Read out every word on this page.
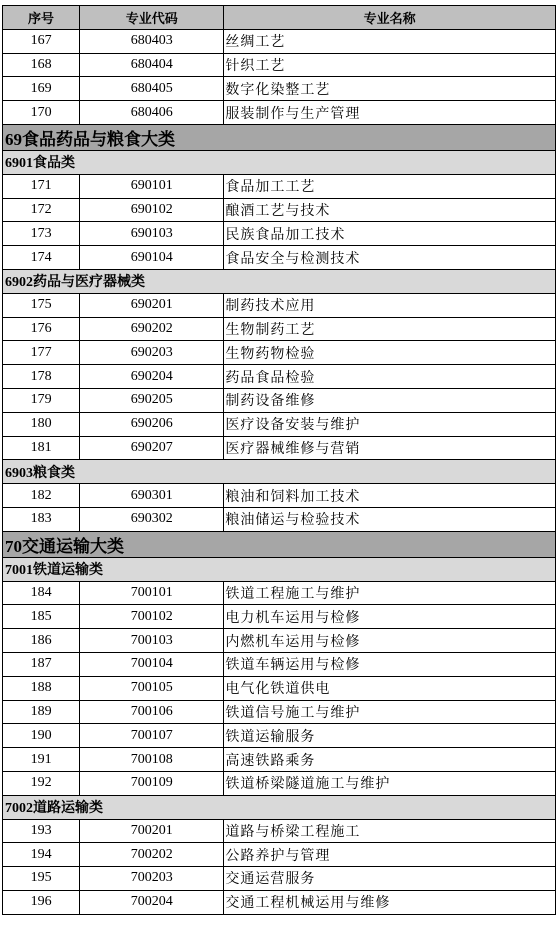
序号	专业代码	专业名称
167	680403	丝绸工艺
168	680404	针织工艺
169	680405	数字化染整工艺
170	680406	服装制作与生产管理
69食品药品与粮食大类		
6901食品类		
171	690101	食品加工工艺
172	690102	酿酒工艺与技术
173	690103	民族食品加工技术
174	690104	食品安全与检测技术
6902药品与医疗器械类		
175	690201	制药技术应用
176	690202	生物制药工艺
177	690203	生物药物检验
178	690204	药品食品检验
179	690205	制药设备维修
180	690206	医疗设备安装与维护
181	690207	医疗器械维修与营销
6903粮食类		
182	690301	粮油和饲料加工技术
183	690302	粮油储运与检验技术
70交通运输大类		
7001铁道运输类		
184	700101	铁道工程施工与维护
185	700102	电力机车运用与检修
186	700103	内燃机车运用与检修
187	700104	铁道车辆运用与检修
188	700105	电气化铁道供电
189	700106	铁道信号施工与维护
190	700107	铁道运输服务
191	700108	高速铁路乘务
192	700109	铁道桥梁隧道施工与维护
7002道路运输类		
193	700201	道路与桥梁工程施工
194	700202	公路养护与管理
195	700203	交通运营服务
196	700204	交通工程机械运用与维修
